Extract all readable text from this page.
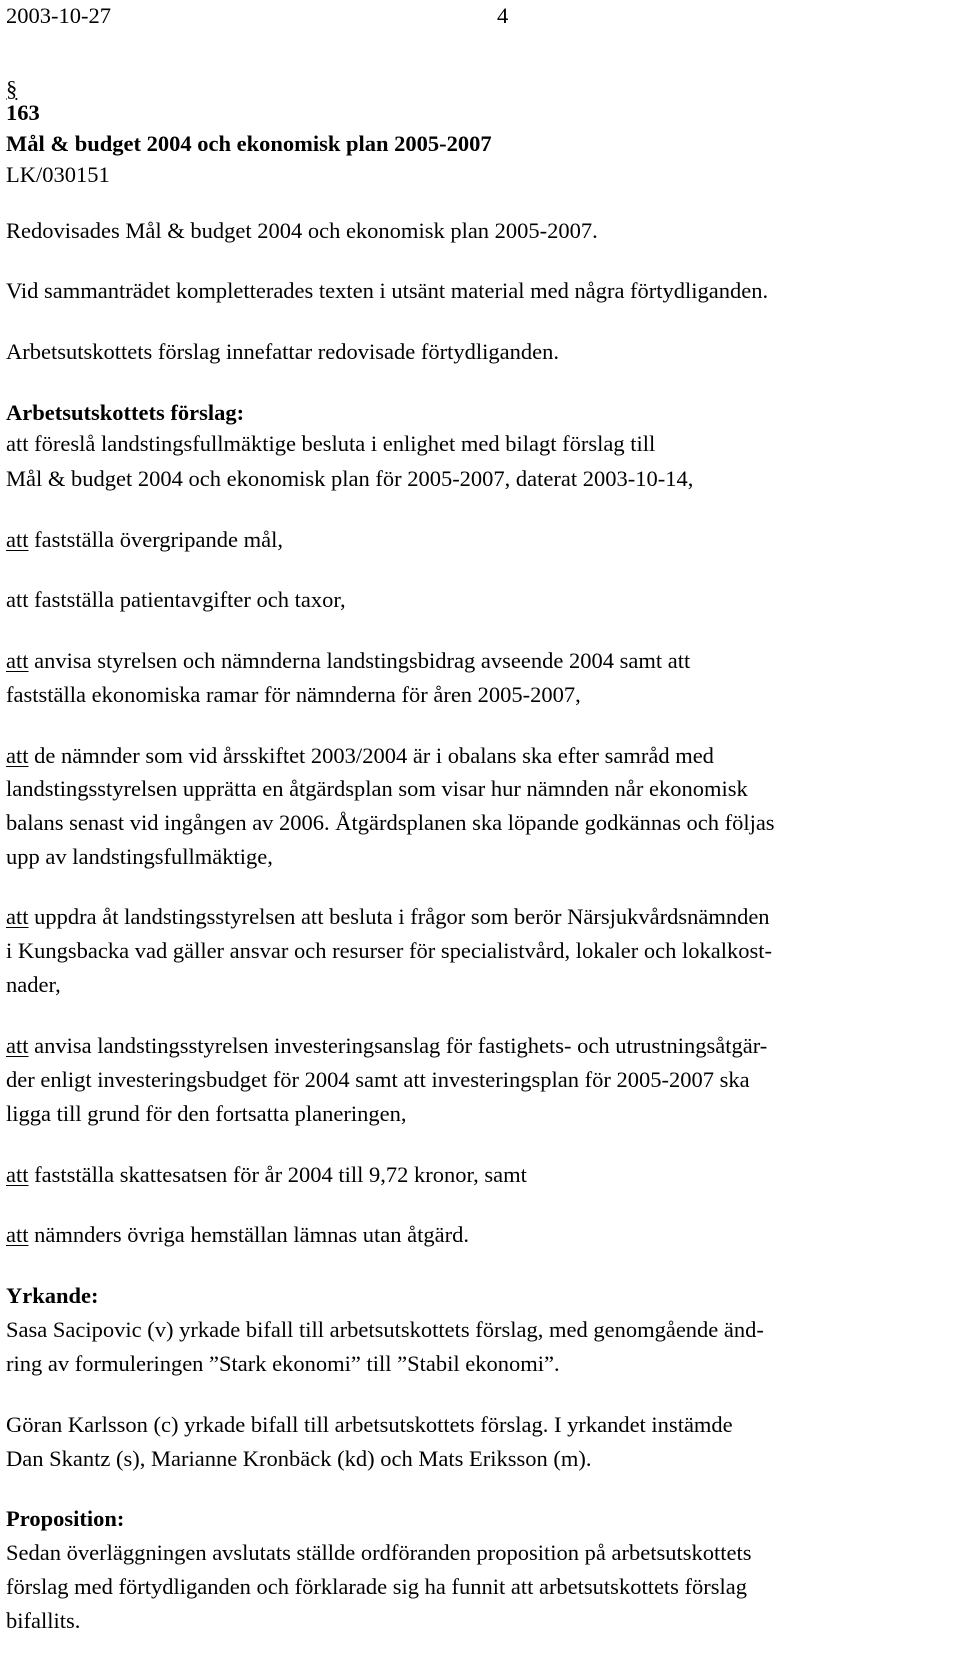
2003-10-27	4
§
163
Mål & budget 2004 och ekonomisk plan 2005-2007
LK/030151
Redovisades Mål & budget 2004 och ekonomisk plan 2005-2007.
Vid sammanträdet kompletterades texten i utsänt material med några förtydliganden.
Arbetsutskottets förslag innefattar redovisade förtydliganden.
Arbetsutskottets förslag:
att föreslå landstingsfullmäktige besluta i enlighet med bilagt förslag till
Mål & budget 2004 och ekonomisk plan för 2005-2007, daterat 2003-10-14,
att fastställa övergripande mål,
att fastställa patientavgifter och taxor,
att anvisa styrelsen och nämnderna landstingsbidrag avseende 2004 samt att
fastställa ekonomiska ramar för nämnderna för åren 2005-2007,
att de nämnder som vid årsskiftet 2003/2004 är i obalans ska efter samråd med
landstingsstyrelsen upprätta en åtgärdsplan som visar hur nämnden når ekonomisk
balans senast vid ingången av 2006. Åtgärdsplanen ska löpande godkännas och följas
upp av landstingsfullmäktige,
att uppdra åt landstingsstyrelsen att besluta i frågor som berör Närsjukvårdsnämnden
i Kungsbacka vad gäller ansvar och resurser för specialistvård, lokaler och lokalkost-
nader,
att anvisa landstingsstyrelsen investeringsanslag för fastighets- och utrustningsåtgär-
der enligt investeringsbudget för 2004 samt att investeringsplan för 2005-2007 ska
ligga till grund för den fortsatta planeringen,
att fastställa skattesatsen för år 2004 till 9,72 kronor, samt
att nämnders övriga hemställan lämnas utan åtgärd.
Yrkande:
Sasa Sacipovic (v) yrkade bifall till arbetsutskottets förslag, med genomgående änd-
ring av formuleringen ”Stark ekonomi” till ”Stabil ekonomi”.
Göran Karlsson (c) yrkade bifall till arbetsutskottets förslag. I yrkandet instämde
Dan Skantz (s), Marianne Kronbäck (kd) och Mats Eriksson (m).
Proposition:
Sedan överläggningen avslutats ställde ordföranden proposition på arbetsutskottets
förslag med förtydliganden och förklarade sig ha funnit att arbetsutskottets förslag
bifallits.
